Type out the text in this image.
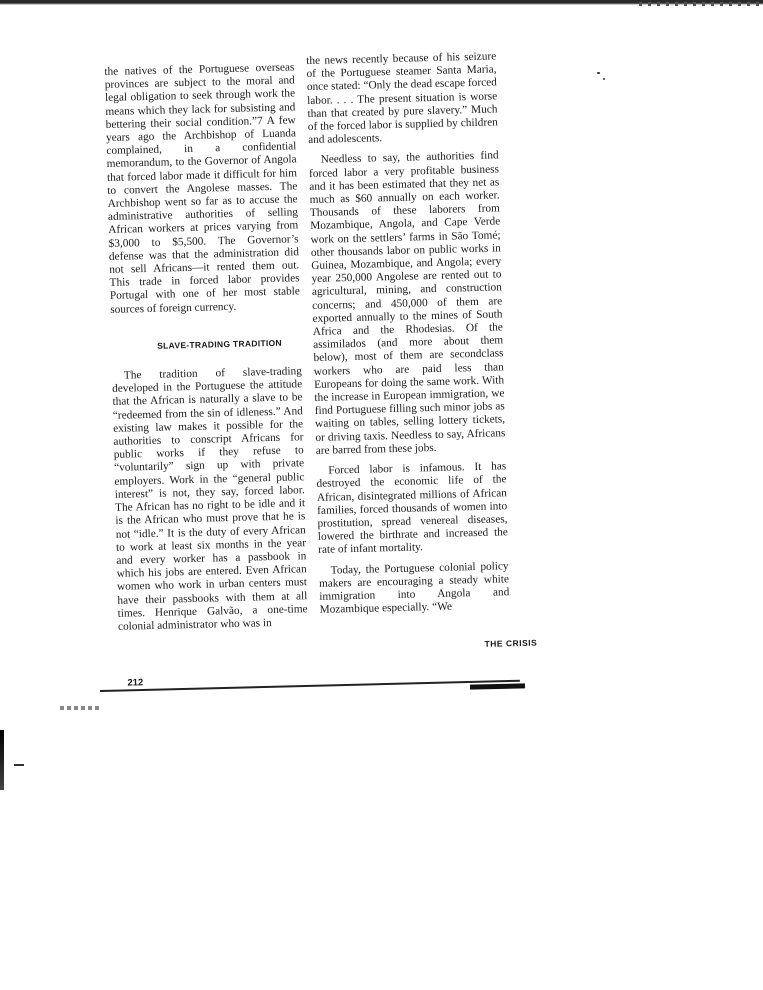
the natives of the Portuguese overseas provinces are subject to the moral and legal obligation to seek through work the means which they lack for subsisting and bettering their social condition.”7 A few years ago the Archbishop of Luanda complained, in a confidential memorandum, to the Governor of Angola that forced labor made it difficult for him to convert the Angolese masses. The Archbishop went so far as to accuse the administrative authorities of selling African workers at prices varying from $3,000 to $5,500. The Governor’s defense was that the administration did not sell Africans—it rented them out. This trade in forced labor provides Portugal with one of her most stable sources of foreign currency.

SLAVE-TRADING TRADITION

The tradition of slave-trading developed in the Portuguese the attitude that the African is naturally a slave to be “redeemed from the sin of idleness.” And existing law makes it possible for the authorities to conscript Africans for public works if they refuse to “voluntarily” sign up with private employers. Work in the “general public interest” is not, they say, forced labor. The African has no right to be idle and it is the African who must prove that he is not “idle.” It is the duty of every African to work at least six months in the year and every worker has a passbook in which his jobs are entered. Even African women who work in urban centers must have their passbooks with them at all times. Henrique Galvão, a one-time colonial administrator who was in

the news recently because of his seizure of the Portuguese steamer Santa Maria, once stated: “Only the dead escape forced labor. . . . The present situation is worse than that created by pure slavery.” Much of the forced labor is supplied by children and adolescents.

Needless to say, the authorities find forced labor a very profitable business and it has been estimated that they net as much as $60 annually on each worker. Thousands of these laborers from Mozambique, Angola, and Cape Verde work on the settlers’ farms in São Tomé; other thousands labor on public works in Guinea, Mozambique, and Angola; every year 250,000 Angolese are rented out to agricultural, mining, and construction concerns; and 450,000 of them are exported annually to the mines of South Africa and the Rhodesias. Of the assimilados (and more about them below), most of them are secondclass workers who are paid less than Europeans for doing the same work. With the increase in European immigration, we find Portuguese filling such minor jobs as waiting on tables, selling lottery tickets, or driving taxis. Needless to say, Africans are barred from these jobs.

Forced labor is infamous. It has destroyed the economic life of the African, disintegrated millions of African families, forced thousands of women into prostitution, spread venereal diseases, lowered the birthrate and increased the rate of infant mortality.

Today, the Portuguese colonial policy makers are encouraging a steady white immigration into Angola and Mozambique especially. “We

THE CRISIS
212
